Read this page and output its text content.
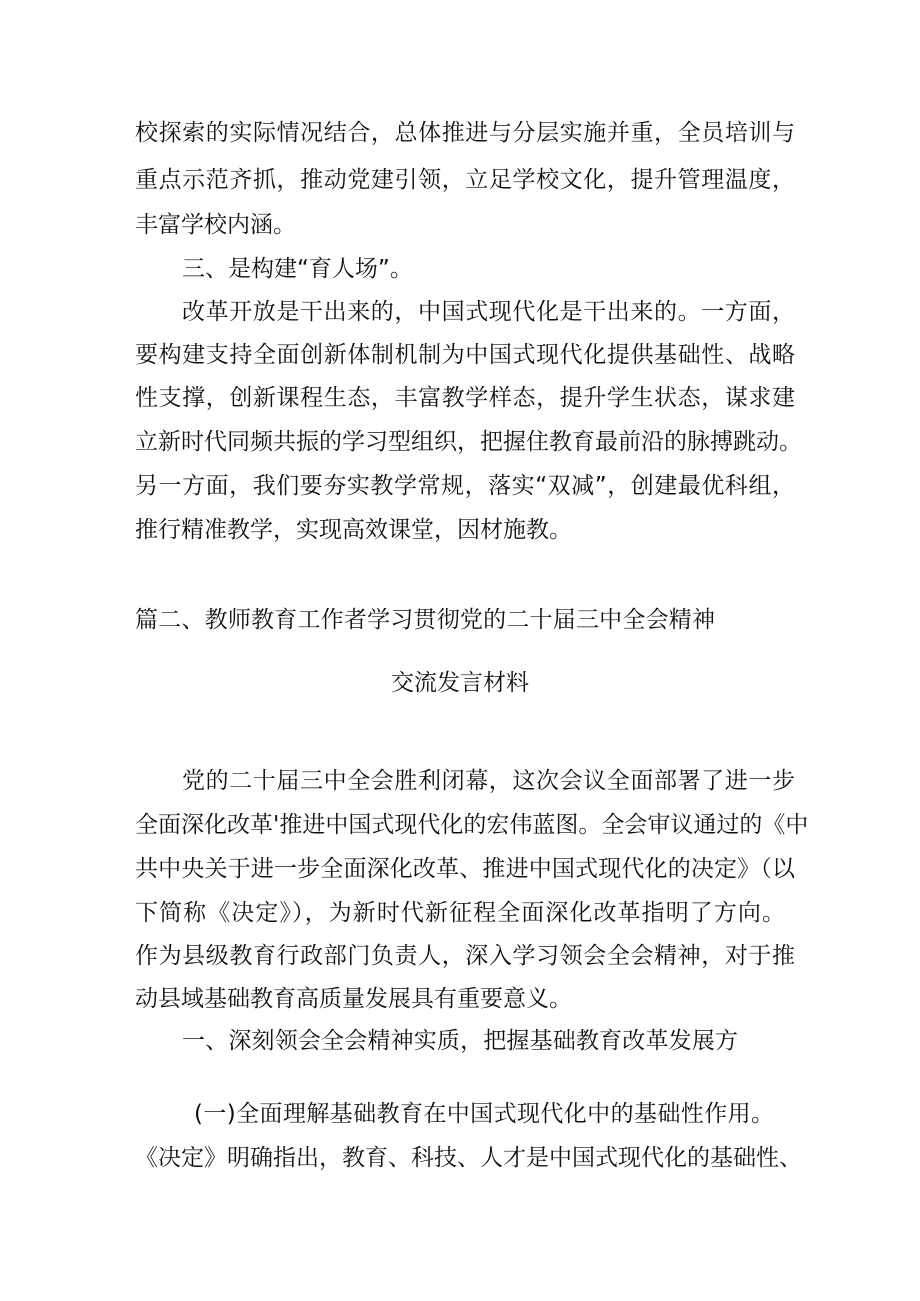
校探索的实际情况结合，总体推进与分层实施并重，全员培训与
重点示范齐抓，推动党建引领，立足学校文化，提升管理温度，
丰富学校内涵。
三、是构建“育人场”。
改革开放是干出来的，中国式现代化是干出来的。一方面，
要构建支持全面创新体制机制为中国式现代化提供基础性、战略
性支撑，创新课程生态，丰富教学样态，提升学生状态，谋求建
立新时代同频共振的学习型组织，把握住教育最前沿的脉搏跳动。
另一方面，我们要夯实教学常规，落实“双减”，创建最优科组，
推行精准教学，实现高效课堂，因材施教。
篇二、教师教育工作者学习贯彻党的二十届三中全会精神
交流发言材料
党的二十届三中全会胜利闭幕，这次会议全面部署了进一步
全面深化改革'推进中国式现代化的宏伟蓝图。全会审议通过的《中
共中央关于进一步全面深化改革、推进中国式现代化的决定》（以
下简称《决定》），为新时代新征程全面深化改革指明了方向。
作为县级教育行政部门负责人，深入学习领会全会精神，对于推
动县域基础教育高质量发展具有重要意义。
一、深刻领会全会精神实质，把握基础教育改革发展方
(一)全面理解基础教育在中国式现代化中的基础性作用。
《决定》明确指出，教育、科技、人才是中国式现代化的基础性、
